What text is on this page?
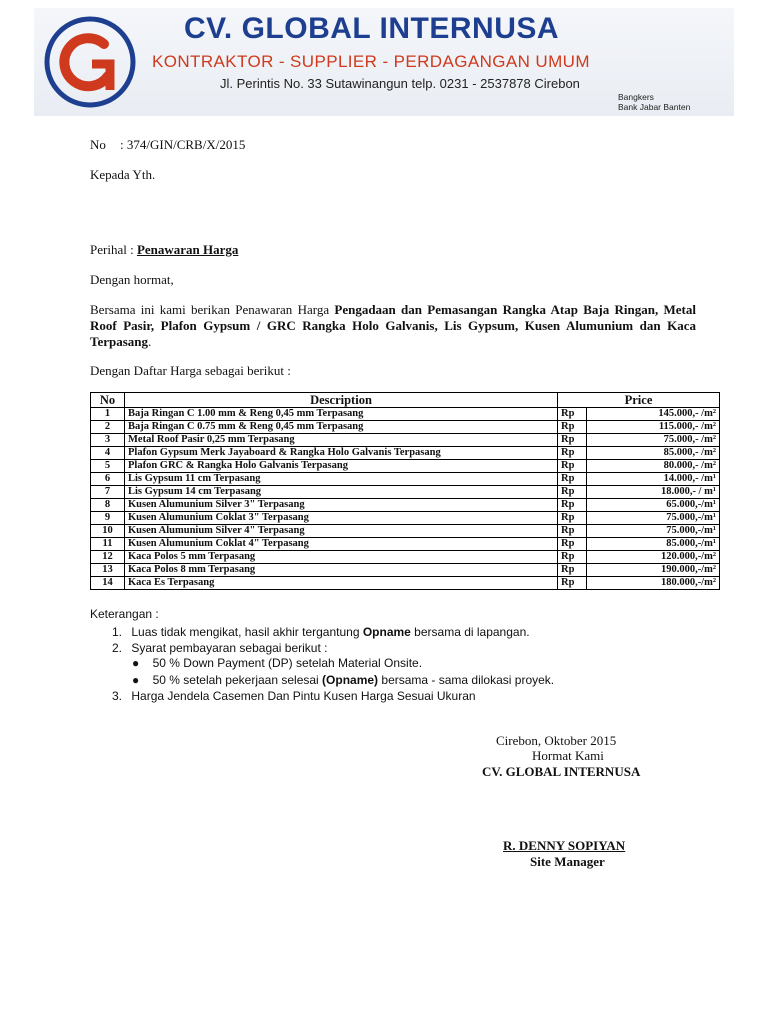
CV. GLOBAL INTERNUSA
KONTRAKTOR - SUPPLIER - PERDAGANGAN UMUM
Jl. Perintis No. 33 Sutawinangun telp. 0231 - 2537878 Cirebon
Bangkers
Bank Jabar Banten
No : 374/GIN/CRB/X/2015
Kepada Yth.
Perihal : Penawaran Harga
Dengan hormat,
Bersama ini kami berikan Penawaran Harga Pengadaan dan Pemasangan Rangka Atap Baja Ringan, Metal Roof Pasir, Plafon Gypsum / GRC Rangka Holo Galvanis, Lis Gypsum, Kusen Alumunium dan Kaca Terpasang.
Dengan Daftar Harga sebagai berikut :
No	Description	Price	
1	Baja Ringan C 1.00 mm & Reng 0,45 mm Terpasang	Rp	145.000,- /m²
2	Baja Ringan C 0.75 mm & Reng 0,45 mm Terpasang	Rp	115.000,- /m²
3	Metal Roof Pasir 0,25 mm Terpasang	Rp	75.000,- /m²
4	Plafon Gypsum Merk Jayaboard & Rangka Holo Galvanis Terpasang	Rp	85.000,- /m²
5	Plafon GRC & Rangka Holo Galvanis Terpasang	Rp	80.000,- /m²
6	Lis Gypsum 11 cm Terpasang	Rp	14.000,- /m¹
7	Lis Gypsum 14 cm Terpasang	Rp	18.000,- / m¹
8	Kusen Alumunium Silver 3" Terpasang	Rp	65.000,-/m¹
9	Kusen Alumunium Coklat 3" Terpasang	Rp	75.000,-/m¹
10	Kusen Alumunium Silver 4" Terpasang	Rp	75.000,-/m¹
11	Kusen Alumunium Coklat 4" Terpasang	Rp	85.000,-/m¹
12	Kaca Polos 5 mm Terpasang	Rp	120.000,-/m²
13	Kaca Polos 8 mm Terpasang	Rp	190.000,-/m²
14	Kaca Es Terpasang	Rp	180.000,-/m²
Keterangan :
1. Luas tidak mengikat, hasil akhir tergantung Opname bersama di lapangan.
2. Syarat pembayaran sebagai berikut :
● 50 % Down Payment (DP) setelah Material Onsite.
● 50 % setelah pekerjaan selesai (Opname) bersama - sama dilokasi proyek.
3. Harga Jendela Casemen Dan Pintu Kusen Harga Sesuai Ukuran
Cirebon, Oktober 2015
Hormat Kami
CV. GLOBAL INTERNUSA
R. DENNY SOPIYAN
Site Manager
